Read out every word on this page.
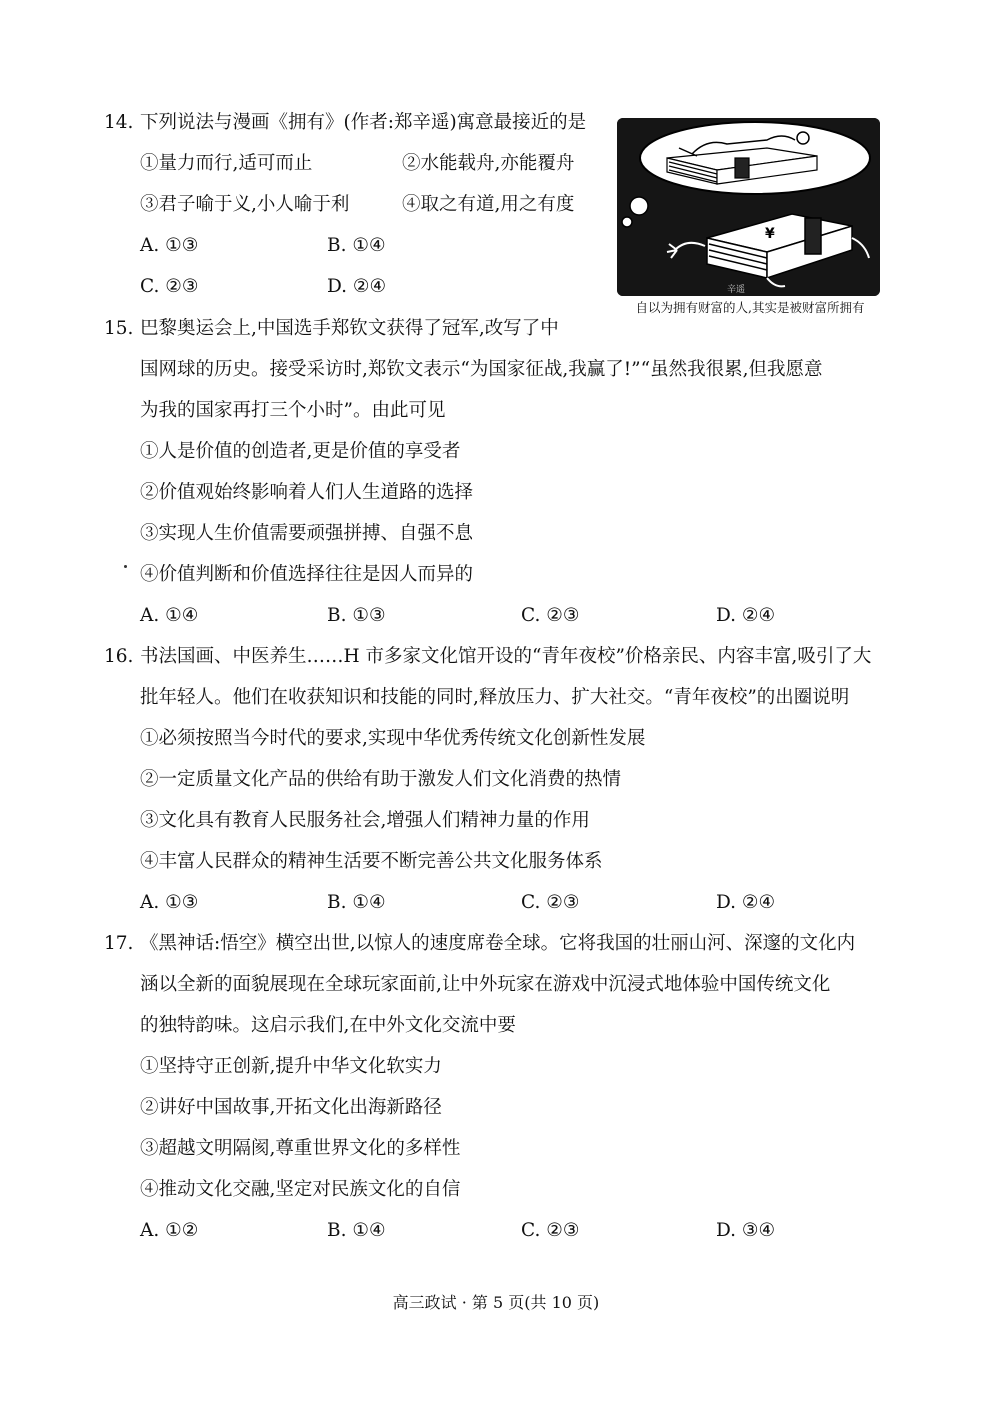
14. 下列说法与漫画《拥有》(作者:郑辛遥)寓意最接近的是
①量力而行,适可而止	②水能载舟,亦能覆舟
③君子喻于义,小人喻于利	④取之有道,用之有度
A. ①③	B. ①④
C. ②③	D. ②④
¥
辛遥
自以为拥有财富的人,其实是被财富所拥有
15. 巴黎奥运会上,中国选手郑钦文获得了冠军,改写了中
国网球的历史。接受采访时,郑钦文表示“为国家征战,我赢了!”“虽然我很累,但我愿意
为我的国家再打三个小时”。由此可见
①人是价值的创造者,更是价值的享受者
②价值观始终影响着人们人生道路的选择
③实现人生价值需要顽强拼搏、自强不息
④价值判断和价值选择往往是因人而异的
A. ①④	B. ①③	C. ②③	D. ②④
16. 书法国画、中医养生……H 市多家文化馆开设的“青年夜校”价格亲民、内容丰富,吸引了大
批年轻人。他们在收获知识和技能的同时,释放压力、扩大社交。“青年夜校”的出圈说明
①必须按照当今时代的要求,实现中华优秀传统文化创新性发展
②一定质量文化产品的供给有助于激发人们文化消费的热情
③文化具有教育人民服务社会,增强人们精神力量的作用
④丰富人民群众的精神生活要不断完善公共文化服务体系
A. ①③	B. ①④	C. ②③	D. ②④
17. 《黑神话:悟空》横空出世,以惊人的速度席卷全球。它将我国的壮丽山河、深邃的文化内
涵以全新的面貌展现在全球玩家面前,让中外玩家在游戏中沉浸式地体验中国传统文化
的独特韵味。这启示我们,在中外文化交流中要
①坚持守正创新,提升中华文化软实力
②讲好中国故事,开拓文化出海新路径
③超越文明隔阂,尊重世界文化的多样性
④推动文化交融,坚定对民族文化的自信
A. ①②	B. ①④	C. ②③	D. ③④
高三政试 · 第 5 页(共 10 页)
